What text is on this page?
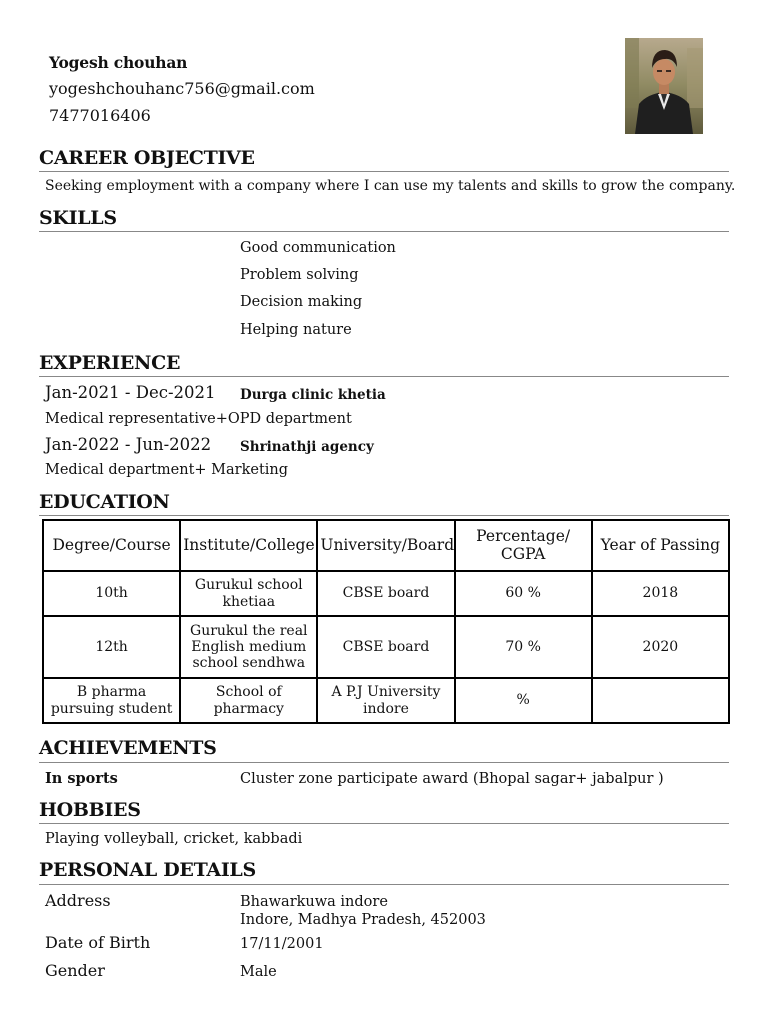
Yogesh chouhan
yogeshchouhanc756@gmail.com
7477016406
CAREER OBJECTIVE
Seeking employment with a company where I can use my talents and skills to grow the company.
SKILLS
Good communication
Problem solving
Decision making
Helping nature
EXPERIENCE
Jan-2021 - Dec-2021 Durga clinic khetia
Medical representative+OPD department
Jan-2022 - Jun-2022 Shrinathji agency
Medical department+ Marketing
EDUCATION
Degree/Course	Institute/College	University/Board	Percentage/ CGPA	Year of Passing
10th	Gurukul school khetiaa	CBSE board	60 %	2018
12th	Gurukul the real English medium school sendhwa	CBSE board	70 %	2020
B pharma pursuing student	School of pharmacy	A P.J University indore	%	
ACHIEVEMENTS
In sports	Cluster zone participate award (Bhopal sagar+ jabalpur )
HOBBIES
Playing volleyball, cricket, kabbadi
PERSONAL DETAILS
Address	Bhawarkuwa indore
Indore, Madhya Pradesh, 452003
Date of Birth	17/11/2001
Gender	Male
